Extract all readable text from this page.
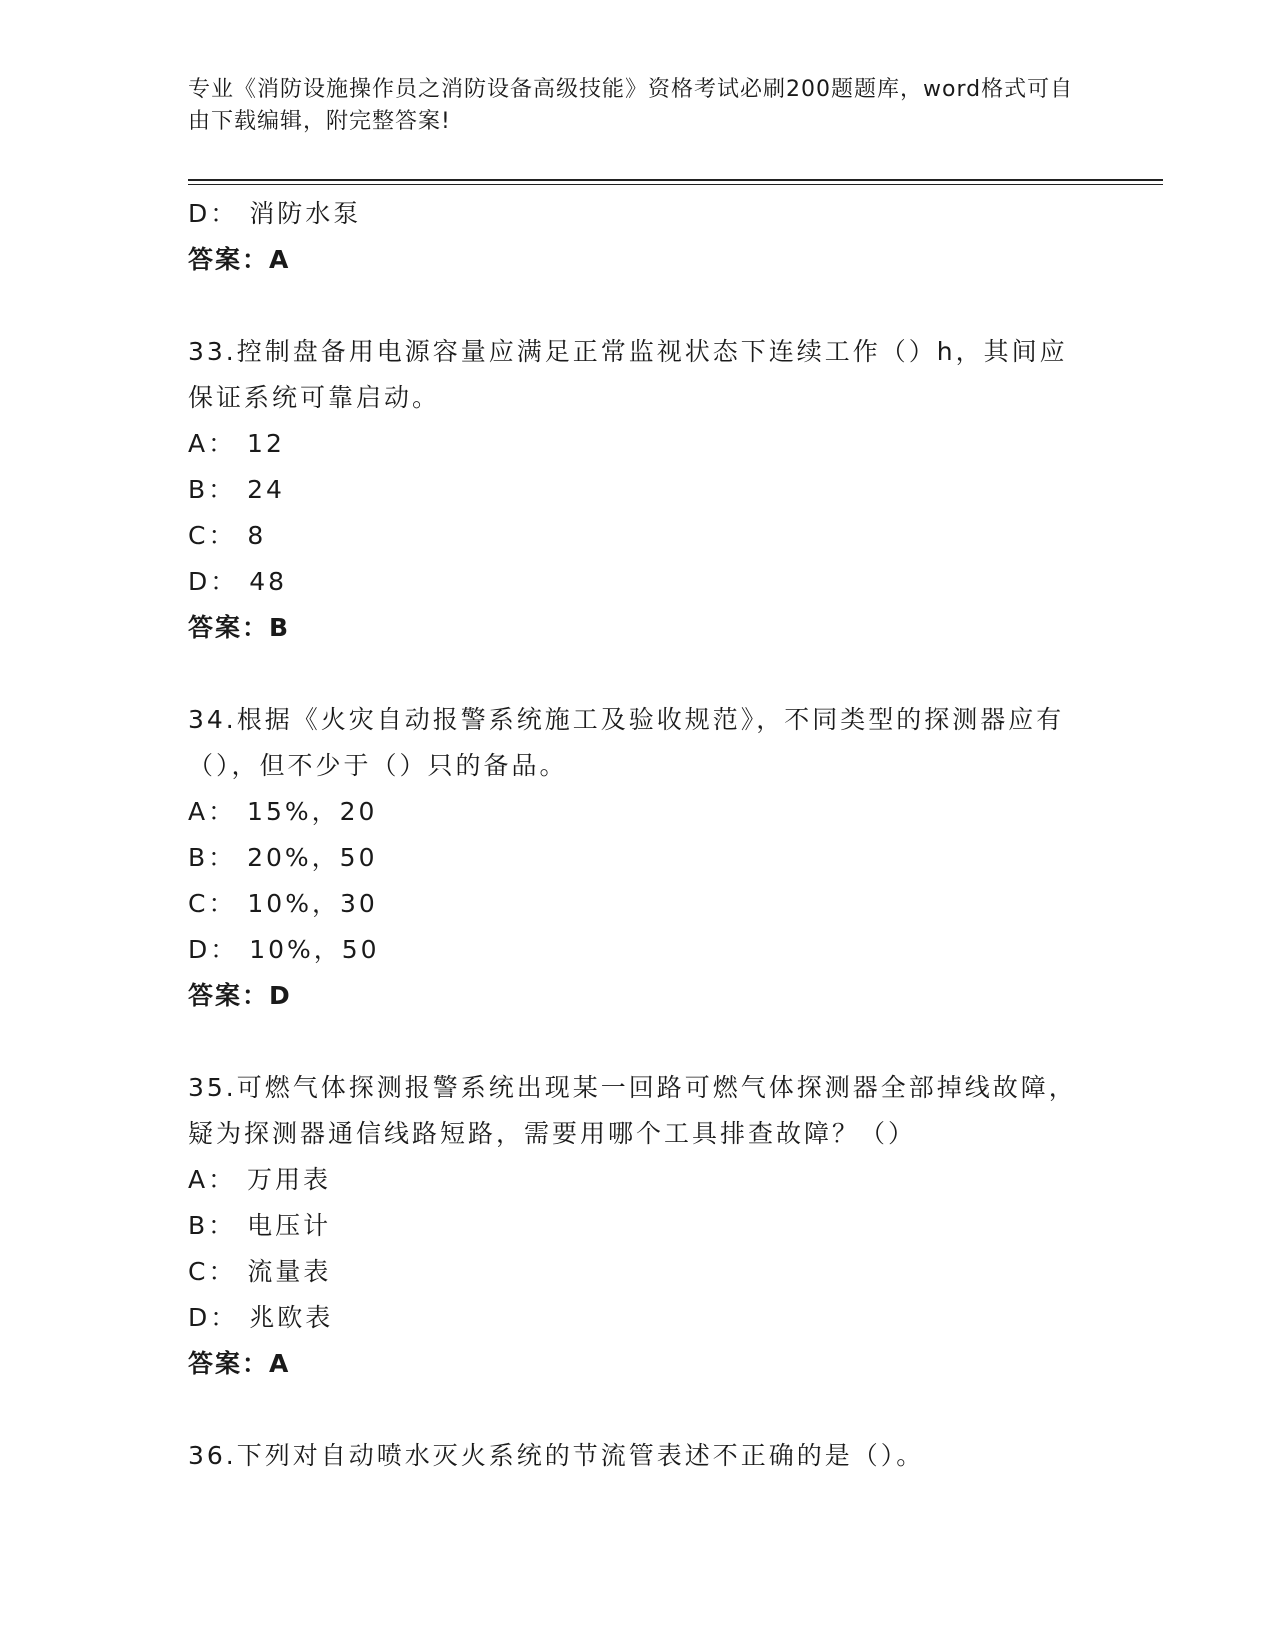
专业《消防设施操作员之消防设备高级技能》资格考试必刷200题题库，word格式可自由下载编辑，附完整答案!
D： 消防水泵
答案：A
33.控制盘备用电源容量应满足正常监视状态下连续工作（）h，其间应保证系统可靠启动。
A： 12
B： 24
C： 8
D： 48
答案：B
34.根据《火灾自动报警系统施工及验收规范》，不同类型的探测器应有（），但不少于（）只的备品。
A： 15%，20
B： 20%，50
C： 10%，30
D： 10%，50
答案：D
35.可燃气体探测报警系统出现某一回路可燃气体探测器全部掉线故障，疑为探测器通信线路短路，需要用哪个工具排查故障？（）
A： 万用表
B： 电压计
C： 流量表
D： 兆欧表
答案：A
36.下列对自动喷水灭火系统的节流管表述不正确的是（）。
